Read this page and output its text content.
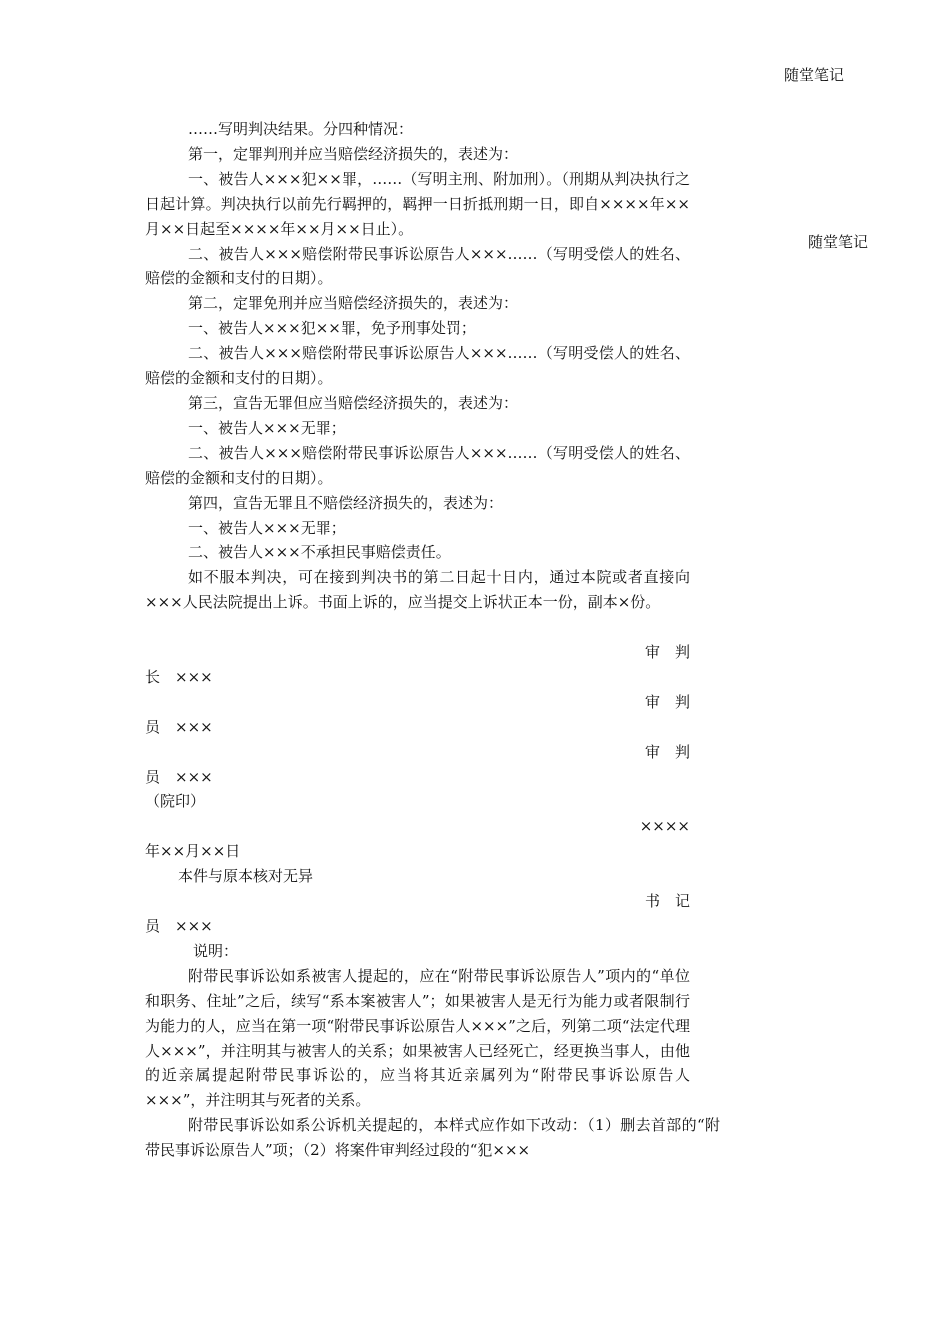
随堂笔记
随堂笔记

……写明判决结果。分四种情况：

第一，定罪判刑并应当赔偿经济损失的，表述为：

一、被告人×××犯××罪，……（写明主刑、附加刑）。（刑期从判决执行之日起计算。判决执行以前先行羁押的，羁押一日折抵刑期一日，即自××××年××月××日起至××××年××月××日止）。

二、被告人×××赔偿附带民事诉讼原告人×××……（写明受偿人的姓名、赔偿的金额和支付的日期）。

第二，定罪免刑并应当赔偿经济损失的，表述为：

一、被告人×××犯××罪，免予刑事处罚；

二、被告人×××赔偿附带民事诉讼原告人×××……（写明受偿人的姓名、赔偿的金额和支付的日期）。

第三，宣告无罪但应当赔偿经济损失的，表述为：

一、被告人×××无罪；

二、被告人×××赔偿附带民事诉讼原告人×××……（写明受偿人的姓名、赔偿的金额和支付的日期）。

第四，宣告无罪且不赔偿经济损失的，表述为：

一、被告人×××无罪；

二、被告人×××不承担民事赔偿责任。

如不服本判决，可在接到判决书的第二日起十日内，通过本院或者直接向×××人民法院提出上诉。书面上诉的，应当提交上诉状正本一份，副本×份。

审　判

长　×××

审　判

员　×××

审　判

员　×××

（院印）

××××

年××月××日

本件与原本核对无异

书　记

员　×××

说明：

附带民事诉讼如系被害人提起的，应在“附带民事诉讼原告人”项内的“单位和职务、住址”之后，续写“系本案被害人”；如果被害人是无行为能力或者限制行为能力的人，应当在第一项“附带民事诉讼原告人×××”之后，列第二项“法定代理人×××”，并注明其与被害人的关系；如果被害人已经死亡，经更换当事人，由他的近亲属提起附带民事诉讼的，应当将其近亲属列为“附带民事诉讼原告人×××”，并注明其与死者的关系。

附带民事诉讼如系公诉机关提起的，本样式应作如下改动：（1）删去首部的“附带民事诉讼原告人”项；（2）将案件审判经过段的“犯×××
